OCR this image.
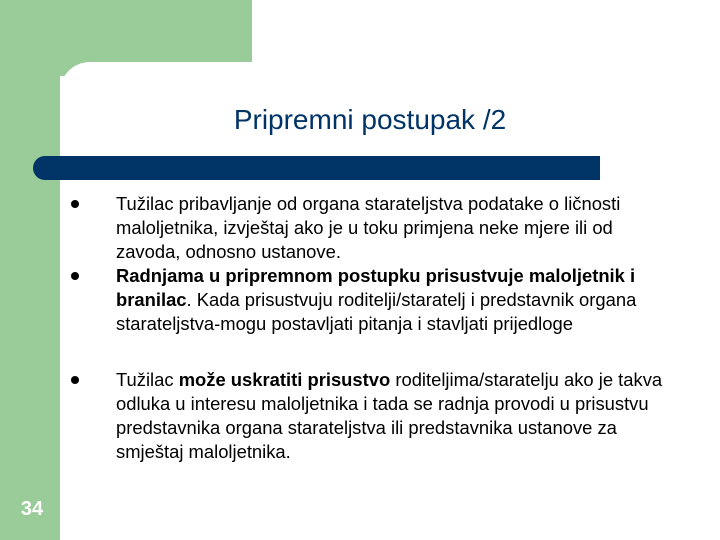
Pripremni postupak /2
Tužilac pribavljanje od organa starateljstva podatake o ličnosti maloljetnika, izvještaj ako je u toku primjena neke mjere ili od zavoda, odnosno ustanove.
Radnjama u pripremnom postupku prisustvuje maloljetnik i branilac. Kada prisustvuju roditelji/staratelj i predstavnik organa starateljstva-mogu postavljati pitanja i stavljati prijedloge
Tužilac može uskratiti prisustvo roditeljima/staratelju ako je takva odluka u interesu maloljetnika i tada se radnja provodi u prisustvu predstavnika organa starateljstva ili predstavnika ustanove za smještaj maloljetnika.
34
